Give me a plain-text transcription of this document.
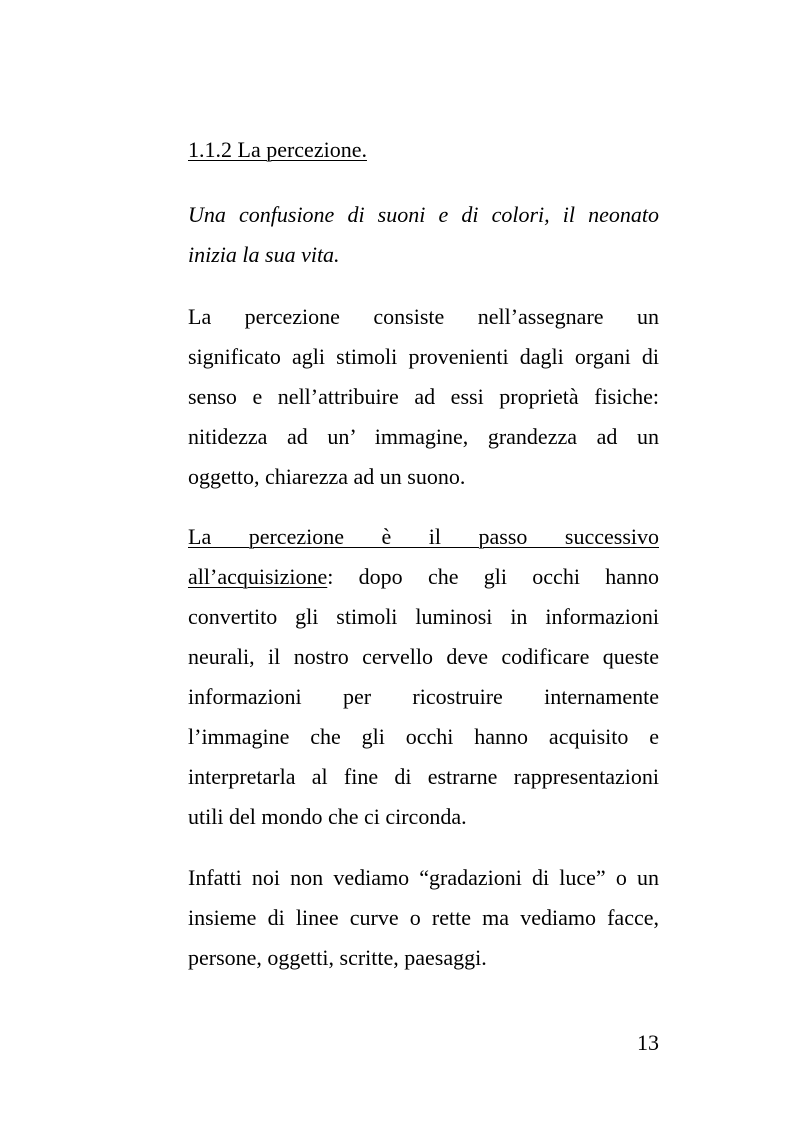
1.1.2 La percezione.
Una confusione di suoni e di colori, il neonato
inizia la sua vita.
La percezione consiste nell’assegnare un
significato agli stimoli provenienti dagli organi di
senso e nell’attribuire ad essi proprietà fisiche:
nitidezza ad un’ immagine, grandezza ad un
oggetto, chiarezza ad un suono.
La percezione è il passo successivo
all’acquisizione: dopo che gli occhi hanno
convertito gli stimoli luminosi in informazioni
neurali, il nostro cervello deve codificare queste
informazioni per ricostruire internamente
l’immagine che gli occhi hanno acquisito e
interpretarla al fine di estrarne rappresentazioni
utili del mondo che ci circonda.
Infatti noi non vediamo “gradazioni di luce” o un
insieme di linee curve o rette ma vediamo facce,
persone, oggetti, scritte, paesaggi.
13
